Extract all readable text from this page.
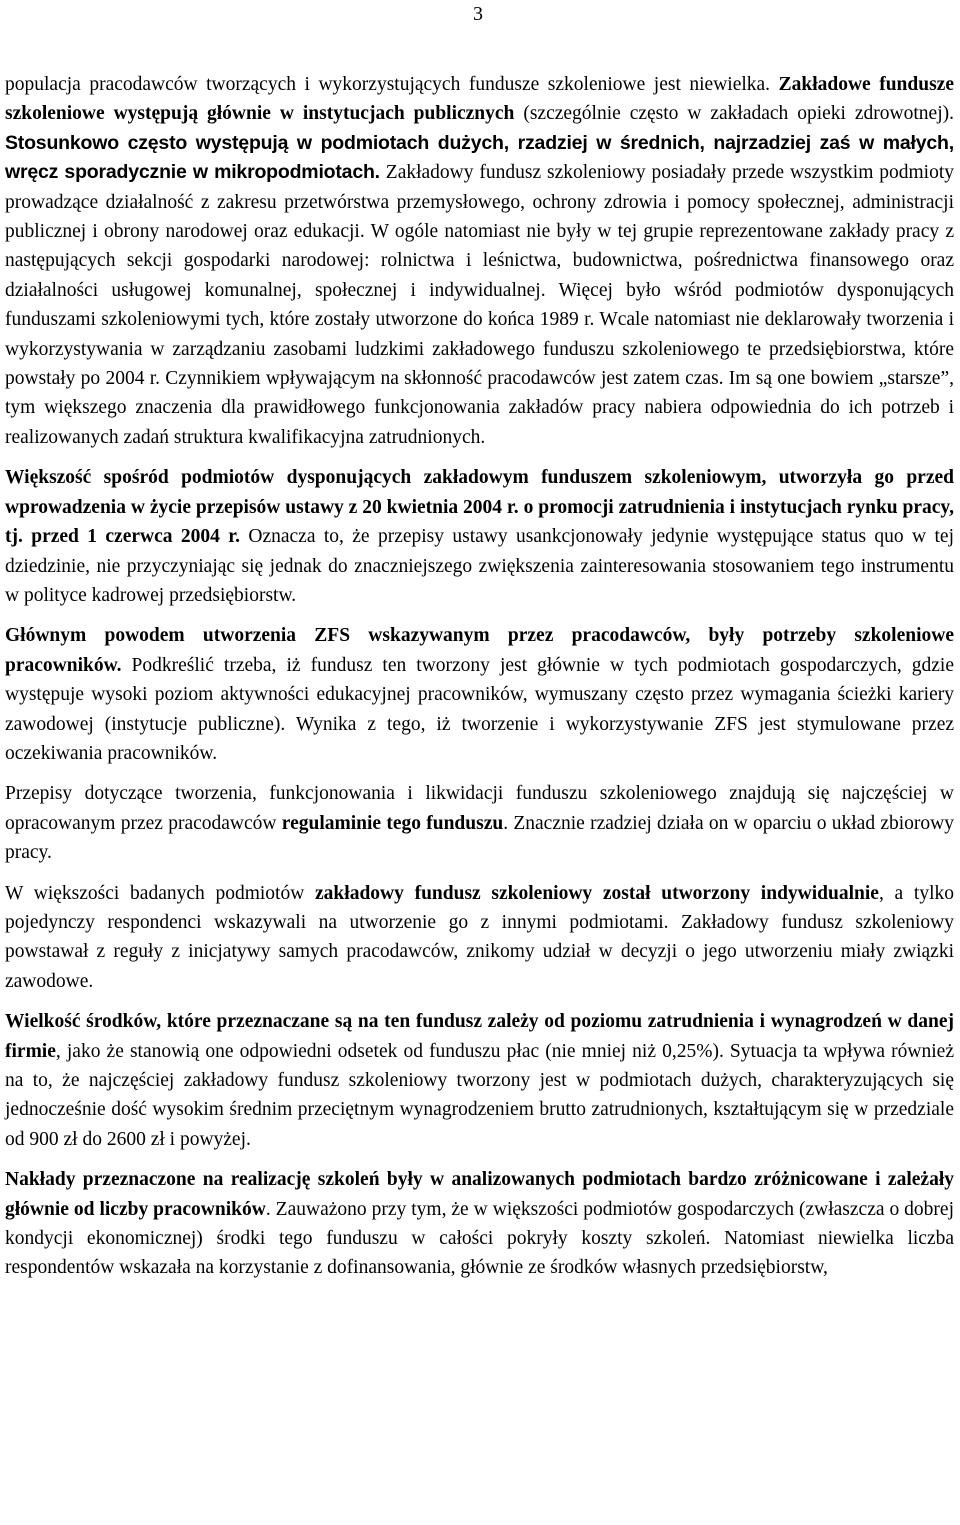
3

populacja pracodawców tworzących i wykorzystujących fundusze szkoleniowe jest niewielka. Zakładowe fundusze szkoleniowe występują głównie w instytucjach publicznych (szczególnie często w zakładach opieki zdrowotnej). Stosunkowo często występują w podmiotach dużych, rzadziej w średnich, najrzadziej zaś w małych, wręcz sporadycznie w mikropodmiotach. Zakładowy fundusz szkoleniowy posiadały przede wszystkim podmioty prowadzące działalność z zakresu przetwórstwa przemysłowego, ochrony zdrowia i pomocy społecznej, administracji publicznej i obrony narodowej oraz edukacji. W ogóle natomiast nie były w tej grupie reprezentowane zakłady pracy z następujących sekcji gospodarki narodowej: rolnictwa i leśnictwa, budownictwa, pośrednictwa finansowego oraz działalności usługowej komunalnej, społecznej i indywidualnej. Więcej było wśród podmiotów dysponujących funduszami szkoleniowymi tych, które zostały utworzone do końca 1989 r. Wcale natomiast nie deklarowały tworzenia i wykorzystywania w zarządzaniu zasobami ludzkimi zakładowego funduszu szkoleniowego te przedsiębiorstwa, które powstały po 2004 r. Czynnikiem wpływającym na skłonność pracodawców jest zatem czas. Im są one bowiem „starsze”, tym większego znaczenia dla prawidłowego funkcjonowania zakładów pracy nabiera odpowiednia do ich potrzeb i realizowanych zadań struktura kwalifikacyjna zatrudnionych.

Większość spośród podmiotów dysponujących zakładowym funduszem szkoleniowym, utworzyła go przed wprowadzenia w życie przepisów ustawy z 20 kwietnia 2004 r. o promocji zatrudnienia i instytucjach rynku pracy, tj. przed 1 czerwca 2004 r. Oznacza to, że przepisy ustawy usankcjonowały jedynie występujące status quo w tej dziedzinie, nie przyczyniając się jednak do znaczniejszego zwiększenia zainteresowania stosowaniem tego instrumentu w polityce kadrowej przedsiębiorstw.

Głównym powodem utworzenia ZFS wskazywanym przez pracodawców, były potrzeby szkoleniowe pracowników. Podkreślić trzeba, iż fundusz ten tworzony jest głównie w tych podmiotach gospodarczych, gdzie występuje wysoki poziom aktywności edukacyjnej pracowników, wymuszany często przez wymagania ścieżki kariery zawodowej (instytucje publiczne). Wynika z tego, iż tworzenie i wykorzystywanie ZFS jest stymulowane przez oczekiwania pracowników.

Przepisy dotyczące tworzenia, funkcjonowania i likwidacji funduszu szkoleniowego znajdują się najczęściej w opracowanym przez pracodawców regulaminie tego funduszu. Znacznie rzadziej działa on w oparciu o układ zbiorowy pracy.

W większości badanych podmiotów zakładowy fundusz szkoleniowy został utworzony indywidualnie, a tylko pojedynczy respondenci wskazywali na utworzenie go z innymi podmiotami. Zakładowy fundusz szkoleniowy powstawał z reguły z inicjatywy samych pracodawców, znikomy udział w decyzji o jego utworzeniu miały związki zawodowe.

Wielkość środków, które przeznaczane są na ten fundusz zależy od poziomu zatrudnienia i wynagrodzeń w danej firmie, jako że stanowią one odpowiedni odsetek od funduszu płac (nie mniej niż 0,25%). Sytuacja ta wpływa również na to, że najczęściej zakładowy fundusz szkoleniowy tworzony jest w podmiotach dużych, charakteryzujących się jednocześnie dość wysokim średnim przeciętnym wynagrodzeniem brutto zatrudnionych, kształtującym się w przedziale od 900 zł do 2600 zł i powyżej.

Nakłady przeznaczone na realizację szkoleń były w analizowanych podmiotach bardzo zróżnicowane i zależały głównie od liczby pracowników. Zauważono przy tym, że w większości podmiotów gospodarczych (zwłaszcza o dobrej kondycji ekonomicznej) środki tego funduszu w całości pokryły koszty szkoleń. Natomiast niewielka liczba respondentów wskazała na korzystanie z dofinansowania, głównie ze środków własnych przedsiębiorstw,
